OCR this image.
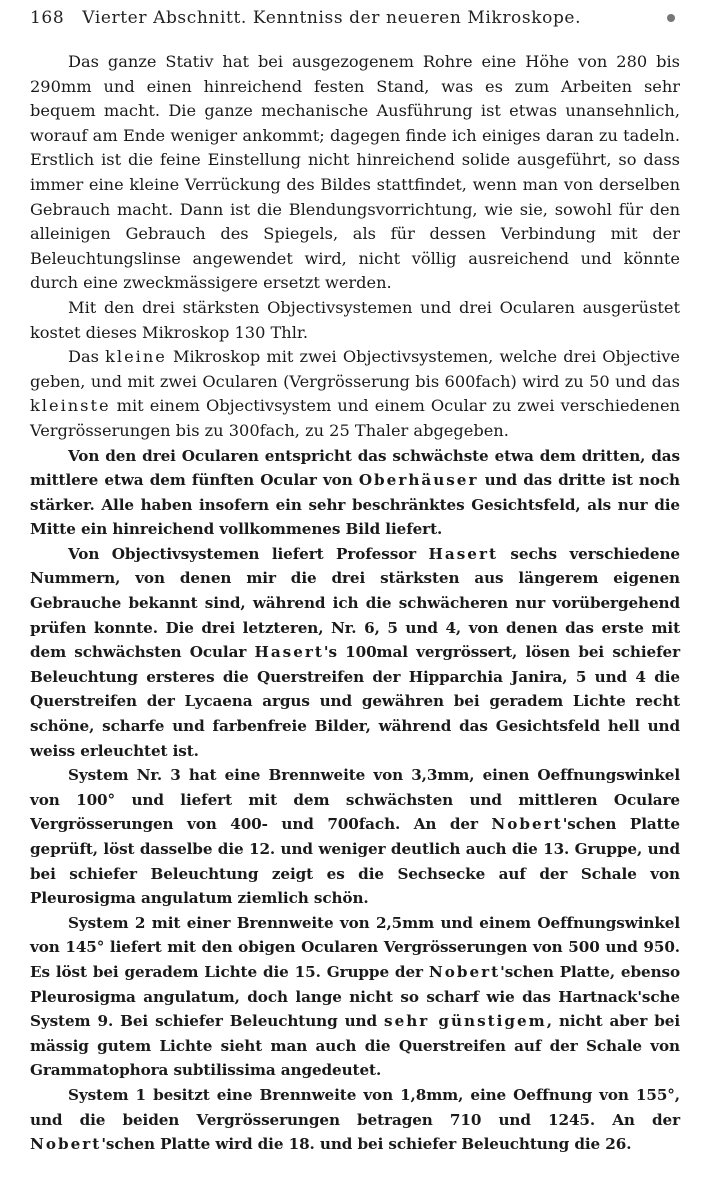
168 Vierter Abschnitt. Kenntniss der neueren Mikroskope.

Das ganze Stativ hat bei ausgezogenem Rohre eine Höhe von 280 bis 290mm und einen hinreichend festen Stand, was es zum Arbeiten sehr bequem macht. Die ganze mechanische Ausführung ist etwas unansehnlich, worauf am Ende weniger ankommt; dagegen finde ich einiges daran zu tadeln. Erstlich ist die feine Einstellung nicht hinreichend solide ausgeführt, so dass immer eine kleine Verrückung des Bildes stattfindet, wenn man von derselben Gebrauch macht. Dann ist die Blendungsvorrichtung, wie sie, sowohl für den alleinigen Gebrauch des Spiegels, als für dessen Verbindung mit der Beleuchtungslinse angewendet wird, nicht völlig ausreichend und könnte durch eine zweckmässigere ersetzt werden.

Mit den drei stärksten Objectivsystemen und drei Ocularen ausgerüstet kostet dieses Mikroskop 130 Thlr.

Das kleine Mikroskop mit zwei Objectivsystemen, welche drei Objective geben, und mit zwei Ocularen (Vergrösserung bis 600fach) wird zu 50 und das kleinste mit einem Objectivsystem und einem Ocular zu zwei verschiedenen Vergrösserungen bis zu 300fach, zu 25 Thaler abgegeben.

Von den drei Ocularen entspricht das schwächste etwa dem dritten, das mittlere etwa dem fünften Ocular von Oberhäuser und das dritte ist noch stärker. Alle haben insofern ein sehr beschränktes Gesichtsfeld, als nur die Mitte ein hinreichend vollkommenes Bild liefert.

Von Objectivsystemen liefert Professor Hasert sechs verschiedene Nummern, von denen mir die drei stärksten aus längerem eigenen Gebrauche bekannt sind, während ich die schwächeren nur vorübergehend prüfen konnte. Die drei letzteren, Nr. 6, 5 und 4, von denen das erste mit dem schwächsten Ocular Hasert's 100mal vergrössert, lösen bei schiefer Beleuchtung ersteres die Querstreifen der Hipparchia Janira, 5 und 4 die Querstreifen der Lycaena argus und gewähren bei geradem Lichte recht schöne, scharfe und farbenfreie Bilder, während das Gesichtsfeld hell und weiss erleuchtet ist.

System Nr. 3 hat eine Brennweite von 3,3mm, einen Oeffnungswinkel von 100° und liefert mit dem schwächsten und mittleren Oculare Vergrösserungen von 400- und 700fach. An der Nobert'schen Platte geprüft, löst dasselbe die 12. und weniger deutlich auch die 13. Gruppe, und bei schiefer Beleuchtung zeigt es die Sechsecke auf der Schale von Pleurosigma angulatum ziemlich schön.

System 2 mit einer Brennweite von 2,5mm und einem Oeffnungswinkel von 145° liefert mit den obigen Ocularen Vergrösserungen von 500 und 950. Es löst bei geradem Lichte die 15. Gruppe der Nobert'schen Platte, ebenso Pleurosigma angulatum, doch lange nicht so scharf wie das Hartnack'sche System 9. Bei schiefer Beleuchtung und sehr günstigem, nicht aber bei mässig gutem Lichte sieht man auch die Querstreifen auf der Schale von Grammatophora subtilissima angedeutet.

System 1 besitzt eine Brennweite von 1,8mm, eine Oeffnung von 155°, und die beiden Vergrösserungen betragen 710 und 1245. An der Nobert'schen Platte wird die 18. und bei schiefer Beleuchtung die 26.
